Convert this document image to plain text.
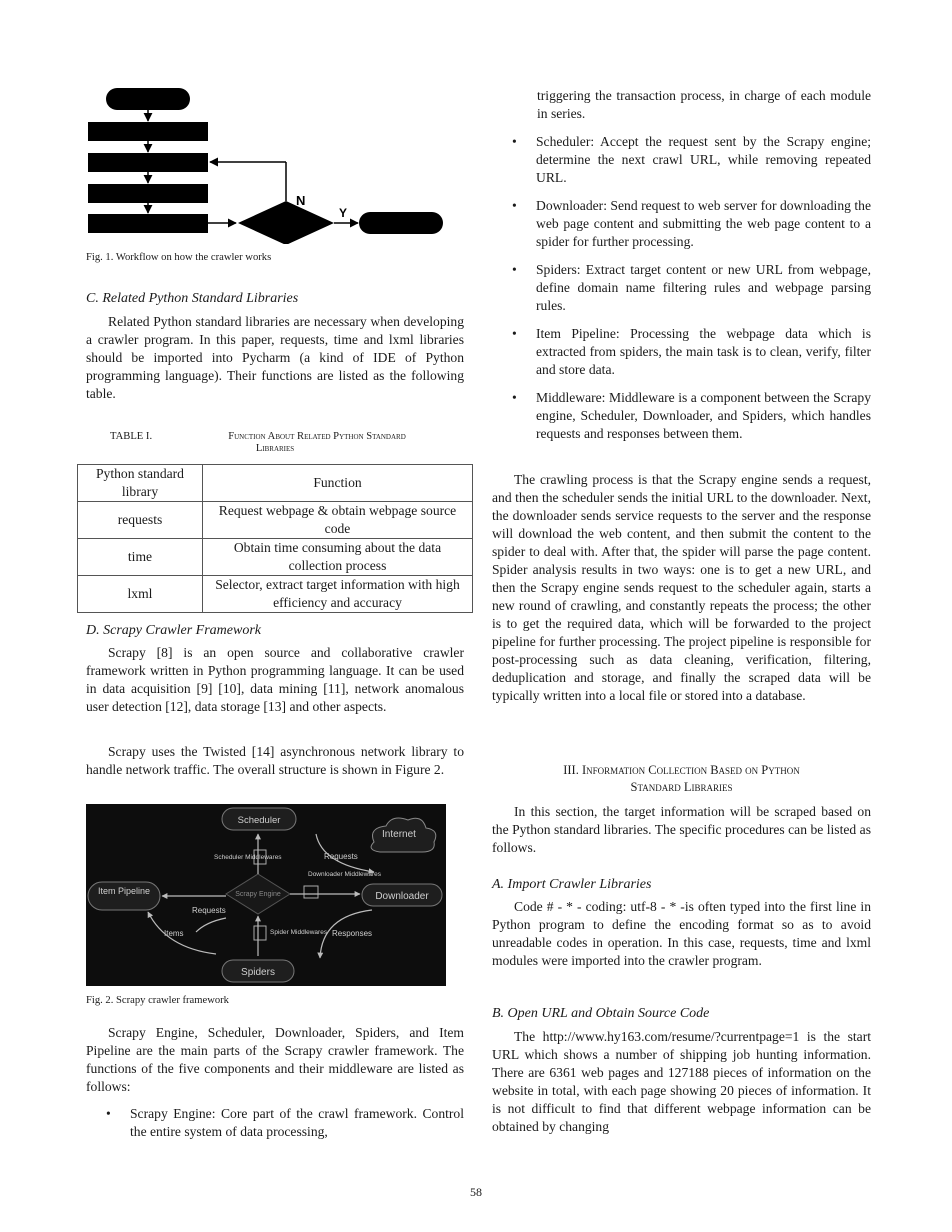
N
Y
Fig. 1. Workflow on how the crawler works
C. Related Python Standard Libraries

Related Python standard libraries are necessary when developing a crawler program. In this paper, requests, time and lxml libraries should be imported into Pycharm (a kind of IDE of Python programming language). Their functions are listed as the following table.

TABLE I.	Function About Related Python Standard
Libraries
Python standard library	Function
requests	Request webpage & obtain webpage source code
time	Obtain time consuming about the data collection process
lxml	Selector, extract target information with high efficiency and accuracy
D. Scrapy Crawler Framework

Scrapy [8] is an open source and collaborative crawler framework written in Python programming language. It can be used in data acquisition [9] [10], data mining [11], network anomalous user detection [12], data storage [13] and other aspects.

Scrapy uses the Twisted [14] asynchronous network library to handle network traffic. The overall structure is shown in Figure 2.

Scheduler
Internet
Item Pipeline	Downloader
Spiders
Scrapy Engine
Scheduler Middlewares
Downloader Middlewares
Spider Middlewares
Requests
Requests
Items	Responses
Fig. 2. Scrapy crawler framework

Scrapy Engine, Scheduler, Downloader, Spiders, and Item Pipeline are the main parts of the Scrapy crawler framework. The functions of the five components and their middleware are listed as follows:

• Scrapy Engine: Core part of the crawl framework. Control the entire system of data processing,

triggering the transaction process, in charge of each module in series.

• Scheduler: Accept the request sent by the Scrapy engine; determine the next crawl URL, while removing repeated URL.
• Downloader: Send request to web server for downloading the web page content and submitting the web page content to a spider for further processing.
• Spiders: Extract target content or new URL from webpage, define domain name filtering rules and webpage parsing rules.
• Item Pipeline: Processing the webpage data which is extracted from spiders, the main task is to clean, verify, filter and store data.
• Middleware: Middleware is a component between the Scrapy engine, Scheduler, Downloader, and Spiders, which handles requests and responses between them.

The crawling process is that the Scrapy engine sends a request, and then the scheduler sends the initial URL to the downloader. Next, the downloader sends service requests to the server and the response will download the web content, and then submit the content to the spider to deal with. After that, the spider will parse the page content. Spider analysis results in two ways: one is to get a new URL, and then the Scrapy engine sends request to the scheduler again, starts a new round of crawling, and constantly repeats the process; the other is to get the required data, which will be forwarded to the project pipeline for further processing. The project pipeline is responsible for post-processing such as data cleaning, verification, filtering, deduplication and storage, and finally the scraped data will be typically written into a local file or stored into a database.

III. Information Collection Based on Python
Standard Libraries

In this section, the target information will be scraped based on the Python standard libraries. The specific procedures can be listed as follows.

A. Import Crawler Libraries

Code # - * - coding: utf-8 - * -is often typed into the first line in Python program to define the encoding format so as to avoid unreadable codes in operation. In this case, requests, time and lxml modules were imported into the crawler program.

B. Open URL and Obtain Source Code

The http://www.hy163.com/resume/?currentpage=1 is the start URL which shows a number of shipping job hunting information. There are 6361 web pages and 127188 pieces of information on the website in total, with each page showing 20 pieces of information. It is not difficult to find that different webpage information can be obtained by changing

58
